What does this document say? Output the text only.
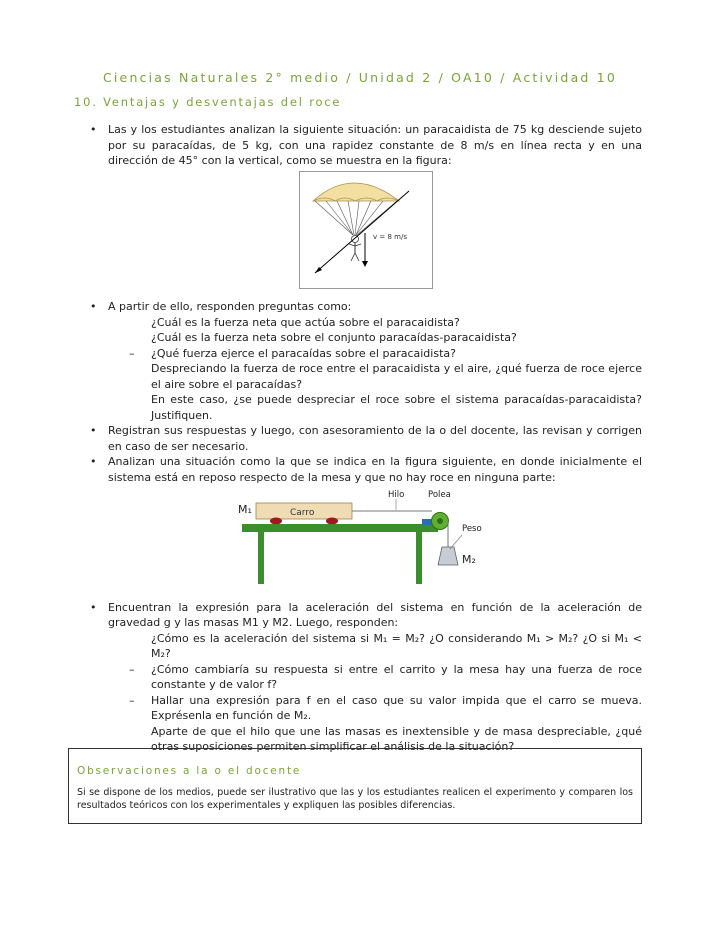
Ciencias Naturales 2° medio / Unidad 2 / OA10 / Actividad 10
10. Ventajas y desventajas del roce
• Las y los estudiantes analizan la siguiente situación: un paracaidista de 75 kg desciende sujeto por su paracaídas, de 5 kg, con una rapidez constante de 8 m/s en línea recta y en una dirección de 45° con la vertical, como se muestra en la figura:
v = 8 m/s
• A partir de ello, responden preguntas como:
¿Cuál es la fuerza neta que actúa sobre el paracaidista?
¿Cuál es la fuerza neta sobre el conjunto paracaídas-paracaidista?
– ¿Qué fuerza ejerce el paracaídas sobre el paracaidista?
Despreciando la fuerza de roce entre el paracaidista y el aire, ¿qué fuerza de roce ejerce el aire sobre el paracaídas?
En este caso, ¿se puede despreciar el roce sobre el sistema paracaídas-paracaidista? Justifiquen.
• Registran sus respuestas y luego, con asesoramiento de la o del docente, las revisan y corrigen en caso de ser necesario.
• Analizan una situación como la que se indica en la figura siguiente, en donde inicialmente el sistema está en reposo respecto de la mesa y que no hay roce en ninguna parte:
M₁	Carro
Hilo	Polea
Peso
M₂
• Encuentran la expresión para la aceleración del sistema en función de la aceleración de gravedad g y las masas M1 y M2. Luego, responden:
¿Cómo es la aceleración del sistema si M₁ = M₂? ¿O considerando M₁ > M₂? ¿O si M₁ < M₂?
– ¿Cómo cambiaría su respuesta si entre el carrito y la mesa hay una fuerza de roce constante y de valor f?
– Hallar una expresión para f en el caso que su valor impida que el carro se mueva. Exprésenla en función de M₂.
Aparte de que el hilo que une las masas es inextensible y de masa despreciable, ¿qué otras suposiciones permiten simplificar el análisis de la situación?
Observaciones a la o el docente
Si se dispone de los medios, puede ser ilustrativo que las y los estudiantes realicen el experimento y comparen los resultados teóricos con los experimentales y expliquen las posibles diferencias.
